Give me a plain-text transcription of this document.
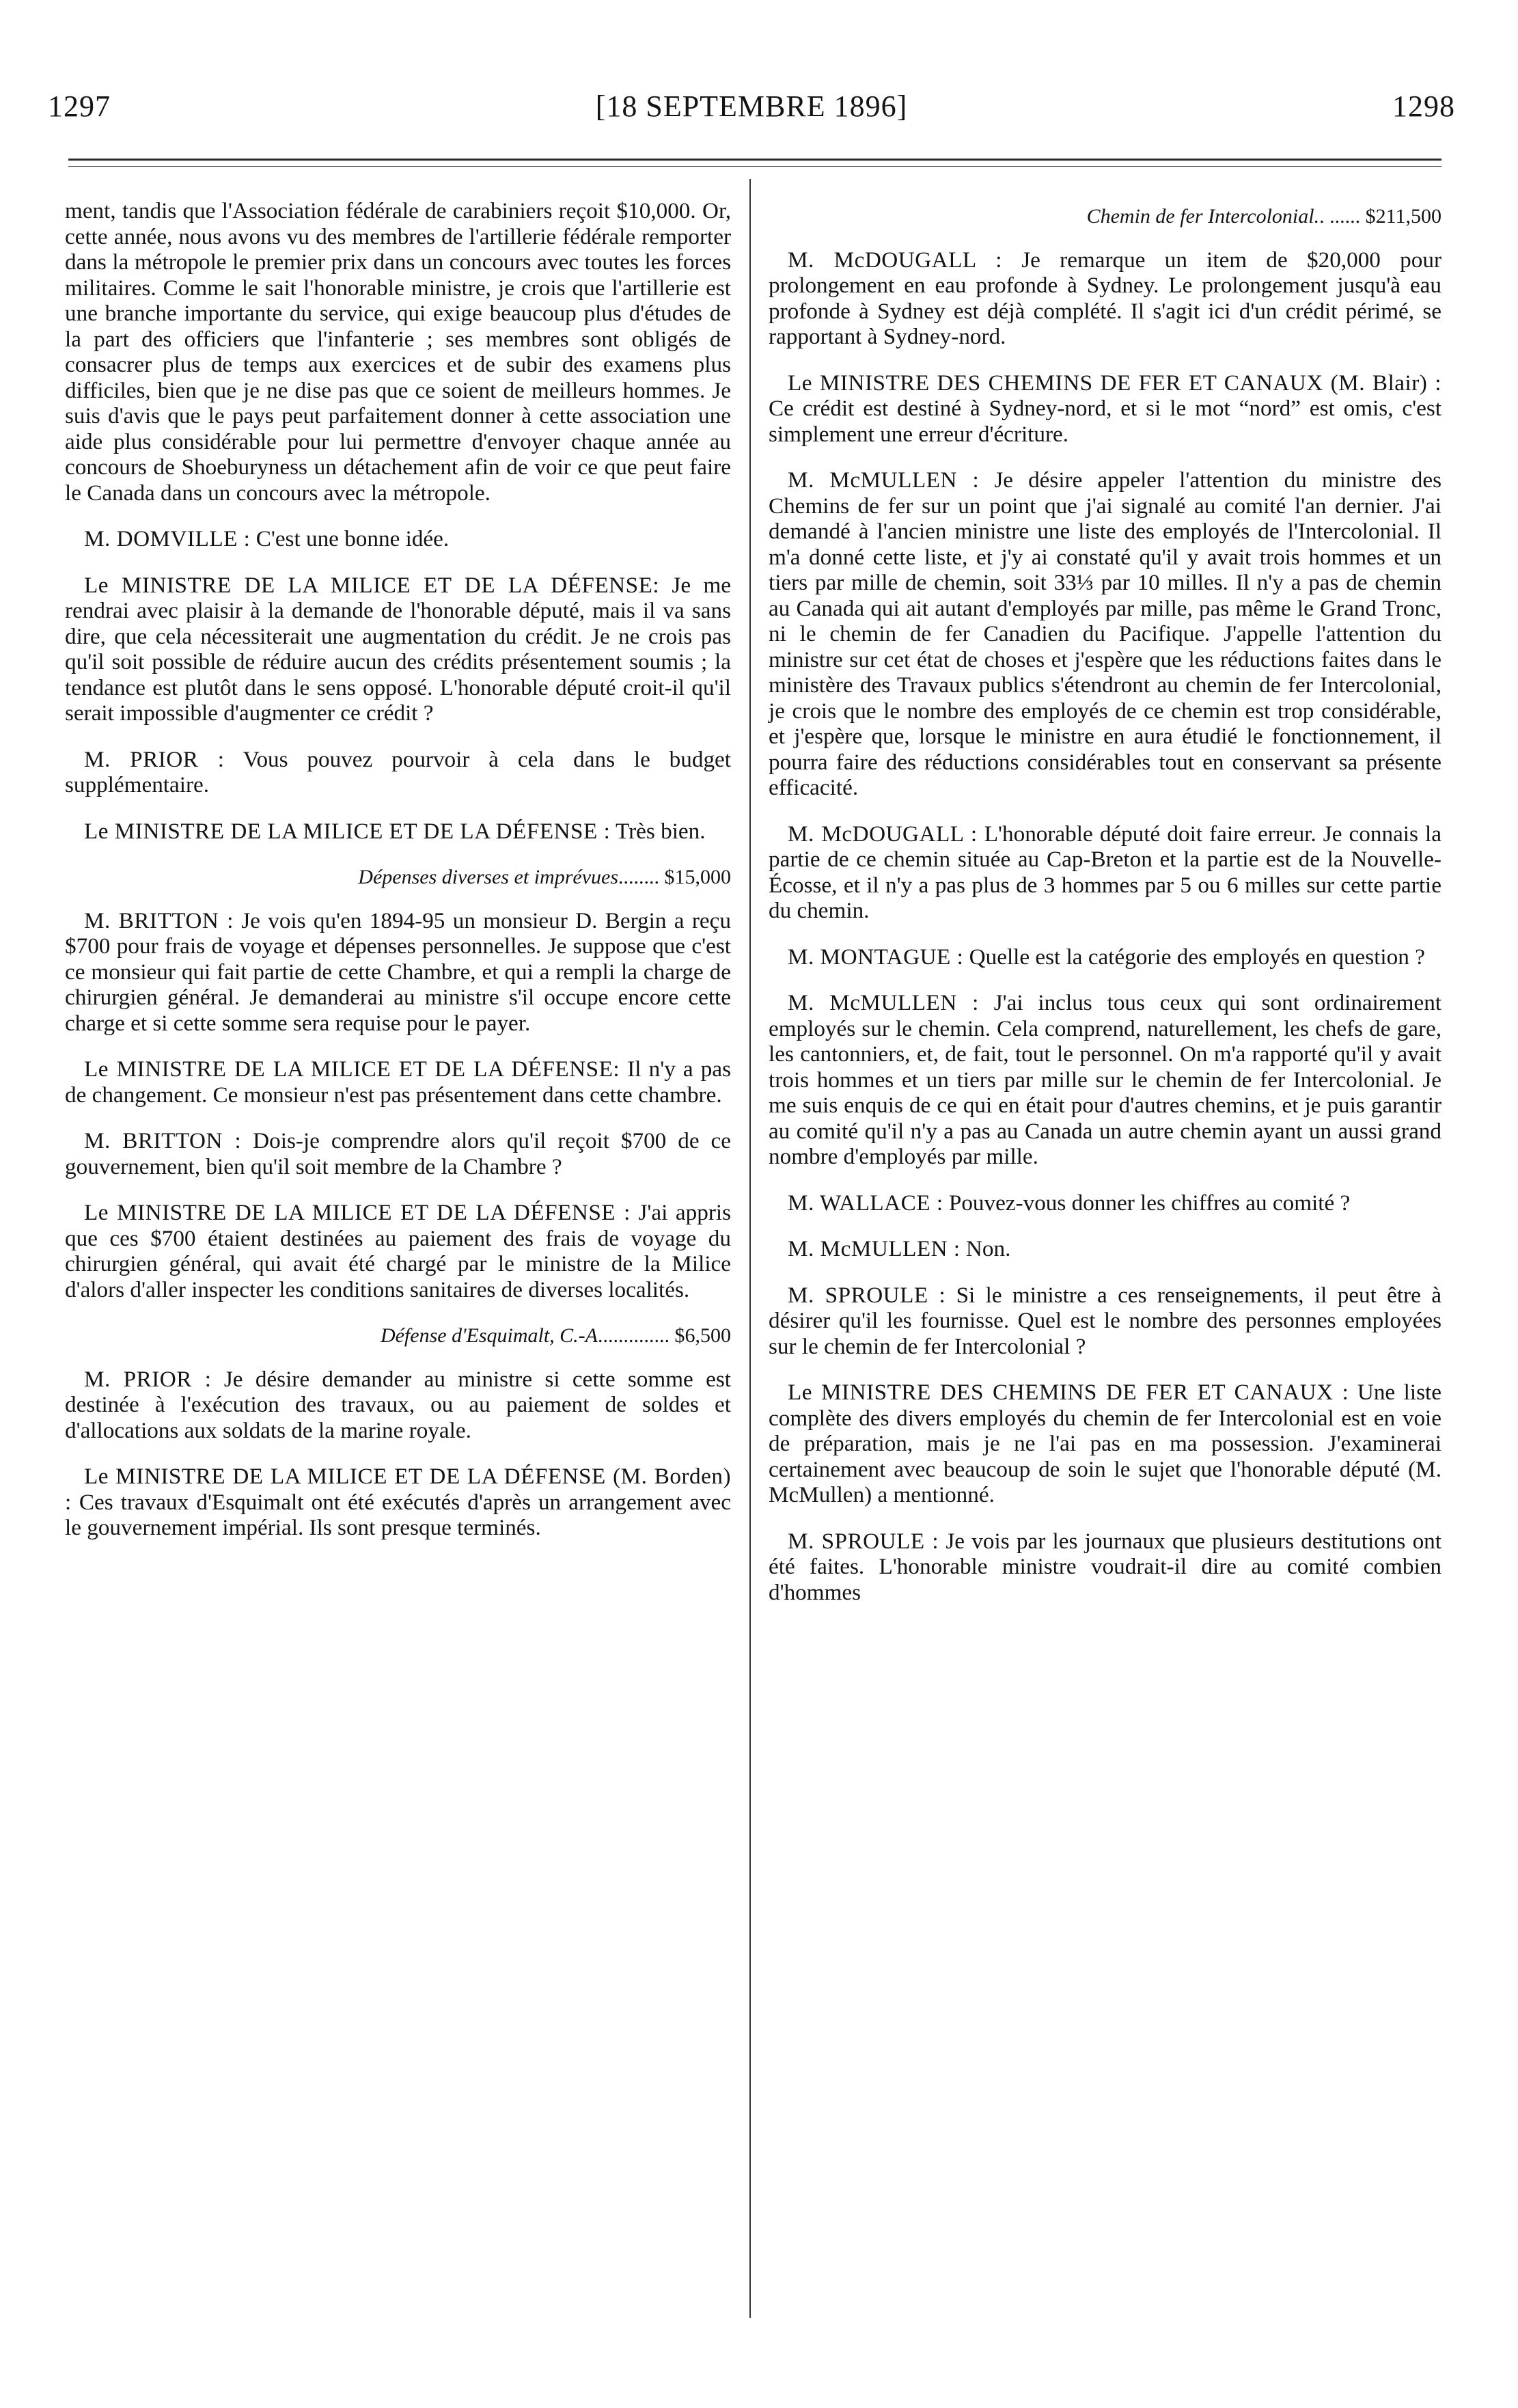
1297	[18 SEPTEMBRE 1896]	1298

ment, tandis que l'Association fédérale de carabiniers reçoit $10,000. Or, cette année, nous avons vu des membres de l'artillerie fédérale remporter dans la métropole le premier prix dans un concours avec toutes les forces militaires. Comme le sait l'honorable ministre, je crois que l'artillerie est une branche importante du service, qui exige beaucoup plus d'études de la part des officiers que l'infanterie ; ses membres sont obligés de consacrer plus de temps aux exercices et de subir des examens plus difficiles, bien que je ne dise pas que ce soient de meilleurs hommes. Je suis d'avis que le pays peut parfaitement donner à cette association une aide plus considérable pour lui permettre d'envoyer chaque année au concours de Shoeburyness un détachement afin de voir ce que peut faire le Canada dans un concours avec la métropole.

M. DOMVILLE : C'est une bonne idée.

Le MINISTRE DE LA MILICE ET DE LA DÉFENSE: Je me rendrai avec plaisir à la demande de l'honorable député, mais il va sans dire, que cela nécessiterait une augmentation du crédit. Je ne crois pas qu'il soit possible de réduire aucun des crédits présentement soumis ; la tendance est plutôt dans le sens opposé. L'honorable député croit-il qu'il serait impossible d'augmenter ce crédit ?

M. PRIOR : Vous pouvez pourvoir à cela dans le budget supplémentaire.

Le MINISTRE DE LA MILICE ET DE LA DÉFENSE : Très bien.

Dépenses diverses et imprévues........ $15,000

M. BRITTON : Je vois qu'en 1894-95 un monsieur D. Bergin a reçu $700 pour frais de voyage et dépenses personnelles. Je suppose que c'est ce monsieur qui fait partie de cette Chambre, et qui a rempli la charge de chirurgien général. Je demanderai au ministre s'il occupe encore cette charge et si cette somme sera requise pour le payer.

Le MINISTRE DE LA MILICE ET DE LA DÉFENSE: Il n'y a pas de changement. Ce monsieur n'est pas présentement dans cette chambre.

M. BRITTON : Dois-je comprendre alors qu'il reçoit $700 de ce gouvernement, bien qu'il soit membre de la Chambre ?

Le MINISTRE DE LA MILICE ET DE LA DÉFENSE : J'ai appris que ces $700 étaient destinées au paiement des frais de voyage du chirurgien général, qui avait été chargé par le ministre de la Milice d'alors d'aller inspecter les conditions sanitaires de diverses localités.

Défense d'Esquimalt, C.-A.............. $6,500

M. PRIOR : Je désire demander au ministre si cette somme est destinée à l'exécution des travaux, ou au paiement de soldes et d'allocations aux soldats de la marine royale.

Le MINISTRE DE LA MILICE ET DE LA DÉFENSE (M. Borden) : Ces travaux d'Esquimalt ont été exécutés d'après un arrangement avec le gouvernement impérial. Ils sont presque terminés.

Chemin de fer Intercolonial.. ...... $211,500

M. McDOUGALL : Je remarque un item de $20,000 pour prolongement en eau profonde à Sydney. Le prolongement jusqu'à eau profonde à Sydney est déjà complété. Il s'agit ici d'un crédit périmé, se rapportant à Sydney-nord.

Le MINISTRE DES CHEMINS DE FER ET CANAUX (M. Blair) : Ce crédit est destiné à Sydney-nord, et si le mot “nord” est omis, c'est simplement une erreur d'écriture.

M. McMULLEN : Je désire appeler l'attention du ministre des Chemins de fer sur un point que j'ai signalé au comité l'an dernier. J'ai demandé à l'ancien ministre une liste des employés de l'Intercolonial. Il m'a donné cette liste, et j'y ai constaté qu'il y avait trois hommes et un tiers par mille de chemin, soit 33⅓ par 10 milles. Il n'y a pas de chemin au Canada qui ait autant d'employés par mille, pas même le Grand Tronc, ni le chemin de fer Canadien du Pacifique. J'appelle l'attention du ministre sur cet état de choses et j'espère que les réductions faites dans le ministère des Travaux publics s'étendront au chemin de fer Intercolonial, je crois que le nombre des employés de ce chemin est trop considérable, et j'espère que, lorsque le ministre en aura étudié le fonctionnement, il pourra faire des réductions considérables tout en conservant sa présente efficacité.

M. McDOUGALL : L'honorable député doit faire erreur. Je connais la partie de ce chemin située au Cap-Breton et la partie est de la Nouvelle-Écosse, et il n'y a pas plus de 3 hommes par 5 ou 6 milles sur cette partie du chemin.

M. MONTAGUE : Quelle est la catégorie des employés en question ?

M. McMULLEN : J'ai inclus tous ceux qui sont ordinairement employés sur le chemin. Cela comprend, naturellement, les chefs de gare, les cantonniers, et, de fait, tout le personnel. On m'a rapporté qu'il y avait trois hommes et un tiers par mille sur le chemin de fer Intercolonial. Je me suis enquis de ce qui en était pour d'autres chemins, et je puis garantir au comité qu'il n'y a pas au Canada un autre chemin ayant un aussi grand nombre d'employés par mille.

M. WALLACE : Pouvez-vous donner les chiffres au comité ?

M. McMULLEN : Non.

M. SPROULE : Si le ministre a ces renseignements, il peut être à désirer qu'il les fournisse. Quel est le nombre des personnes employées sur le chemin de fer Intercolonial ?

Le MINISTRE DES CHEMINS DE FER ET CANAUX : Une liste complète des divers employés du chemin de fer Intercolonial est en voie de préparation, mais je ne l'ai pas en ma possession. J'examinerai certainement avec beaucoup de soin le sujet que l'honorable député (M. McMullen) a mentionné.

M. SPROULE : Je vois par les journaux que plusieurs destitutions ont été faites. L'honorable ministre voudrait-il dire au comité combien d'hommes
